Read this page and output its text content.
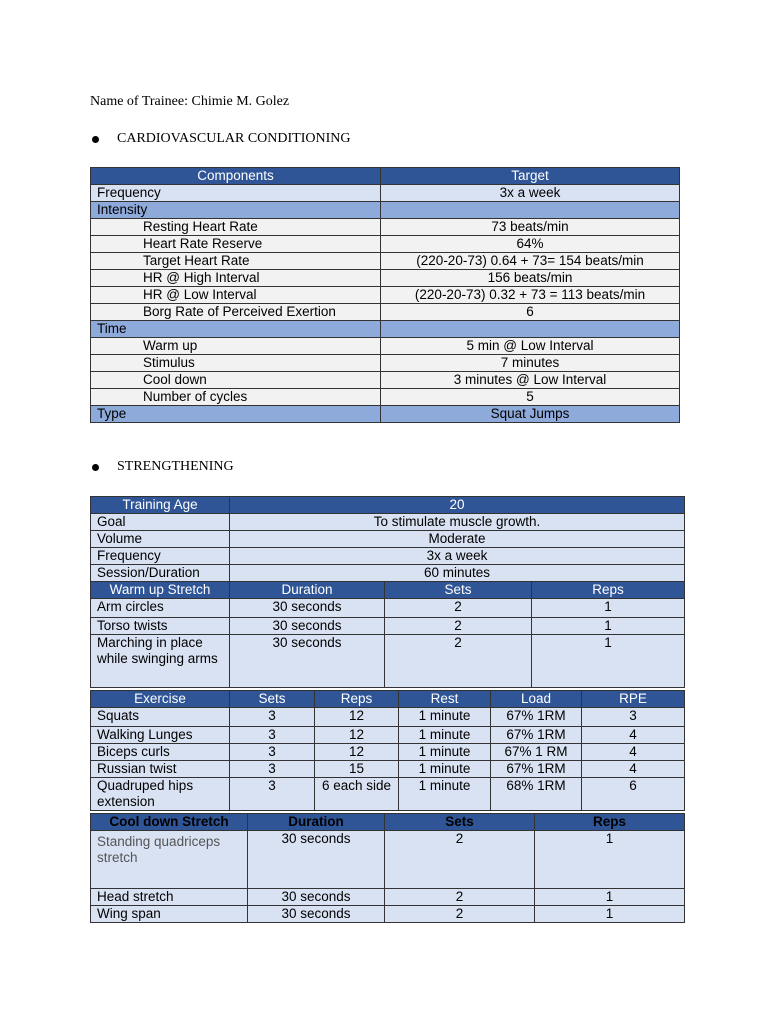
Name of Trainee: Chimie M. Golez
CARDIOVASCULAR CONDITIONING
Components	Target
Frequency	3x a week
Intensity	
Resting Heart Rate	73 beats/min
Heart Rate Reserve	64%
Target Heart Rate	(220-20-73) 0.64 + 73= 154 beats/min
HR @ High Interval	156 beats/min
HR @ Low Interval	(220-20-73) 0.32 + 73 = 113 beats/min
Borg Rate of Perceived Exertion	6
Time	
Warm up	5 min @ Low Interval
Stimulus	7 minutes
Cool down	3 minutes @ Low Interval
Number of cycles	5
Type	Squat Jumps
STRENGTHENING
Training Age	20
Goal	To stimulate muscle growth.
Volume	Moderate
Frequency	3x a week
Session/Duration	60 minutes
Warm up Stretch	Duration	Sets	Reps
Arm circles	30 seconds	2	1
Torso twists	30 seconds	2	1
Marching in place while swinging arms	30 seconds	2	1
Exercise	Sets	Reps	Rest	Load	RPE
Squats	3	12	1 minute	67% 1RM	3
Walking Lunges	3	12	1 minute	67% 1RM	4
Biceps curls	3	12	1 minute	67% 1 RM	4
Russian twist	3	15	1 minute	67% 1RM	4
Quadruped hips extension	3	6 each side	1 minute	68% 1RM	6
Cool down Stretch	Duration	Sets	Reps
Standing quadriceps stretch	30 seconds	2	1
Head stretch	30 seconds	2	1
Wing span	30 seconds	2	1
